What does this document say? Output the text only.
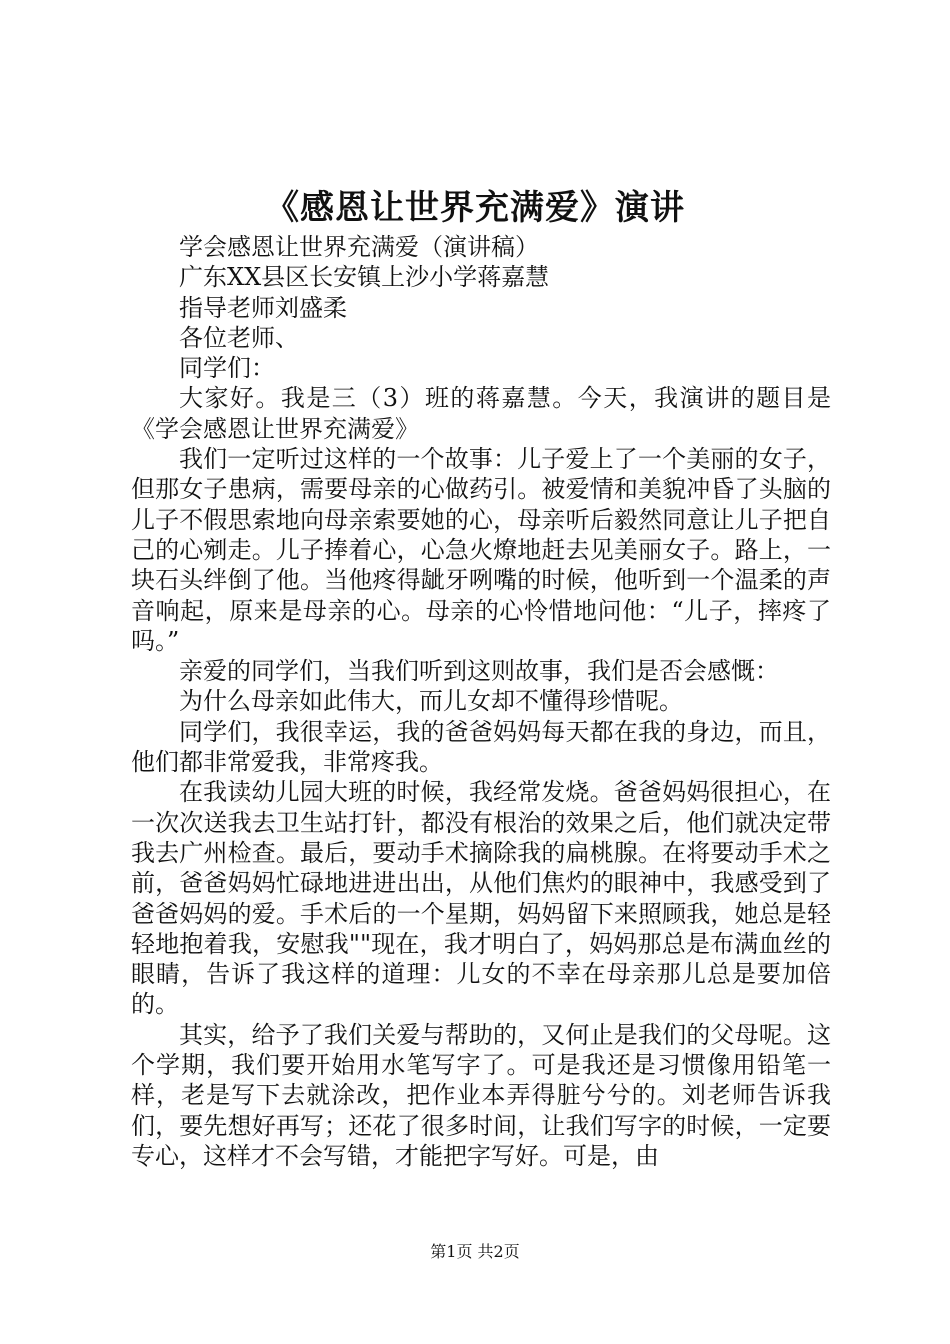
《感恩让世界充满爱》演讲

学会感恩让世界充满爱（演讲稿）

广东XX县区长安镇上沙小学蒋嘉慧

指导老师刘盛柔

各位老师、

同学们：

大家好。我是三（3）班的蒋嘉慧。今天，我演讲的题目是《学会感恩让世界充满爱》

我们一定听过这样的一个故事：儿子爱上了一个美丽的女子，但那女子患病，需要母亲的心做药引。被爱情和美貌冲昏了头脑的儿子不假思索地向母亲索要她的心，母亲听后毅然同意让儿子把自己的心剜走。儿子捧着心，心急火燎地赶去见美丽女子。路上，一块石头绊倒了他。当他疼得龇牙咧嘴的时候，他听到一个温柔的声音响起，原来是母亲的心。母亲的心怜惜地问他：“儿子，摔疼了吗。”

亲爱的同学们，当我们听到这则故事，我们是否会感慨：

为什么母亲如此伟大，而儿女却不懂得珍惜呢。

同学们，我很幸运，我的爸爸妈妈每天都在我的身边，而且，他们都非常爱我，非常疼我。

在我读幼儿园大班的时候，我经常发烧。爸爸妈妈很担心，在一次次送我去卫生站打针，都没有根治的效果之后，他们就决定带我去广州检查。最后，要动手术摘除我的扁桃腺。在将要动手术之前，爸爸妈妈忙碌地进进出出，从他们焦灼的眼神中，我感受到了爸爸妈妈的爱。手术后的一个星期，妈妈留下来照顾我，她总是轻轻地抱着我，安慰我""现在，我才明白了，妈妈那总是布满血丝的眼睛，告诉了我这样的道理：儿女的不幸在母亲那儿总是要加倍的。

其实，给予了我们关爱与帮助的，又何止是我们的父母呢。这个学期，我们要开始用水笔写字了。可是我还是习惯像用铅笔一样，老是写下去就涂改，把作业本弄得脏兮兮的。刘老师告诉我们，要先想好再写；还花了很多时间，让我们写字的时候，一定要专心，这样才不会写错，才能把字写好。可是，由

第1页 共2页
